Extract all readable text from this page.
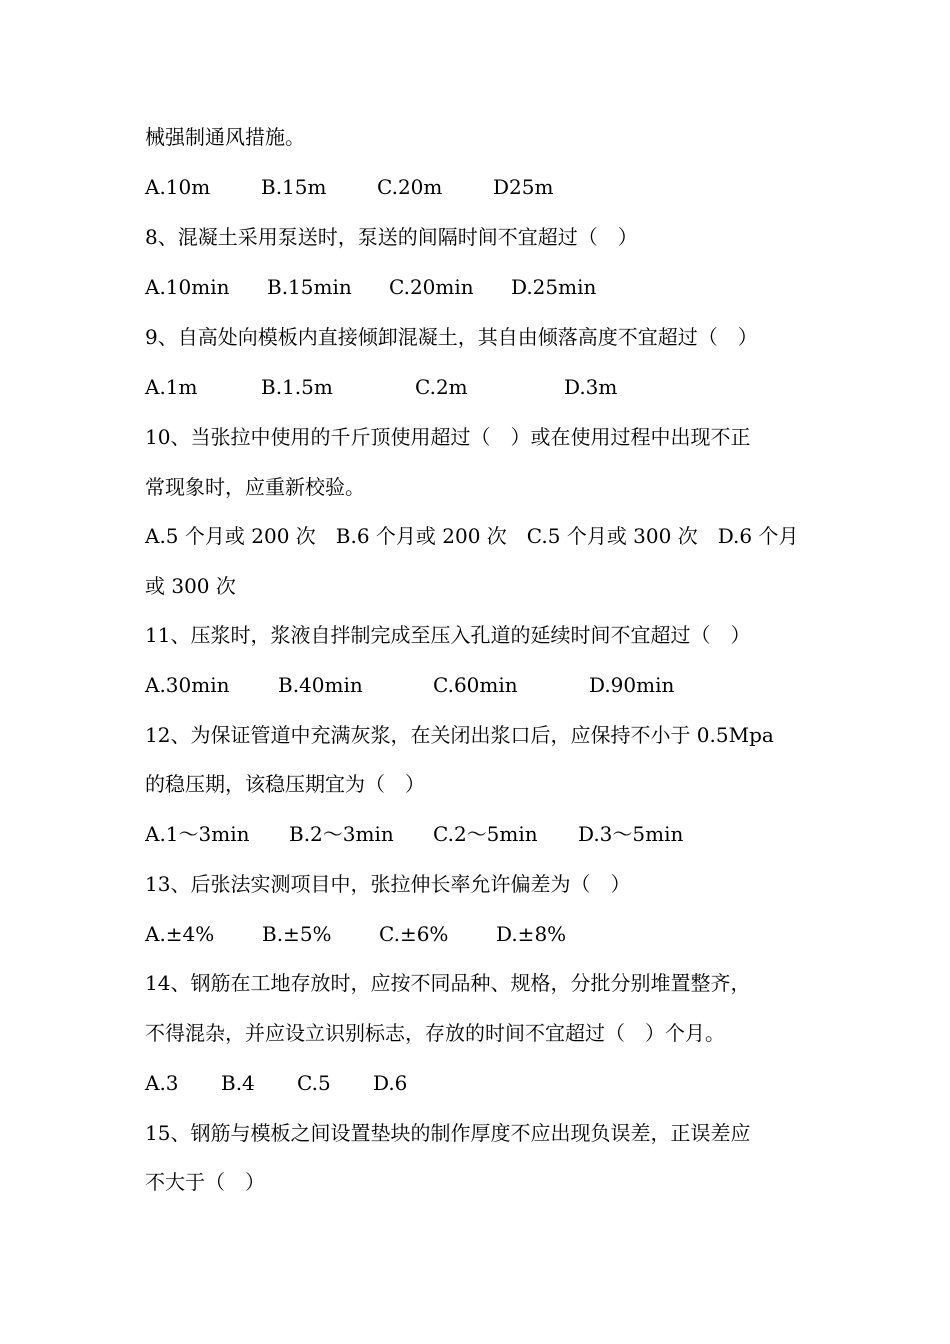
械强制通风措施。
A.10m	B.15m	C.20m	D25m
8、混凝土采用泵送时，泵送的间隔时间不宜超过（　）
A.10min B.15min C.20min D.25min
9、自高处向模板内直接倾卸混凝土，其自由倾落高度不宜超过（　）
A.1m	B.1.5m	C.2m	D.3m
10、当张拉中使用的千斤顶使用超过（　）或在使用过程中出现不正
常现象时，应重新校验。
A.5 个月或 200 次　B.6 个月或 200 次　C.5 个月或 300 次　D.6 个月
或 300 次
11、压浆时，浆液自拌制完成至压入孔道的延续时间不宜超过（　）
A.30min B.40min	C.60min	D.90min
12、为保证管道中充满灰浆，在关闭出浆口后，应保持不小于 0.5Mpa
的稳压期，该稳压期宜为（　）
A.1～3min B.2～3min C.2～5min D.3～5min
13、后张法实测项目中，张拉伸长率允许偏差为（　）
A.±4% B.±5% C.±6% D.±8%
14、钢筋在工地存放时，应按不同品种、规格，分批分别堆置整齐，
不得混杂，并应设立识别标志，存放的时间不宜超过（　）个月。
A.3 B.4 C.5 D.6
15、钢筋与模板之间设置垫块的制作厚度不应出现负误差，正误差应
不大于（　）
